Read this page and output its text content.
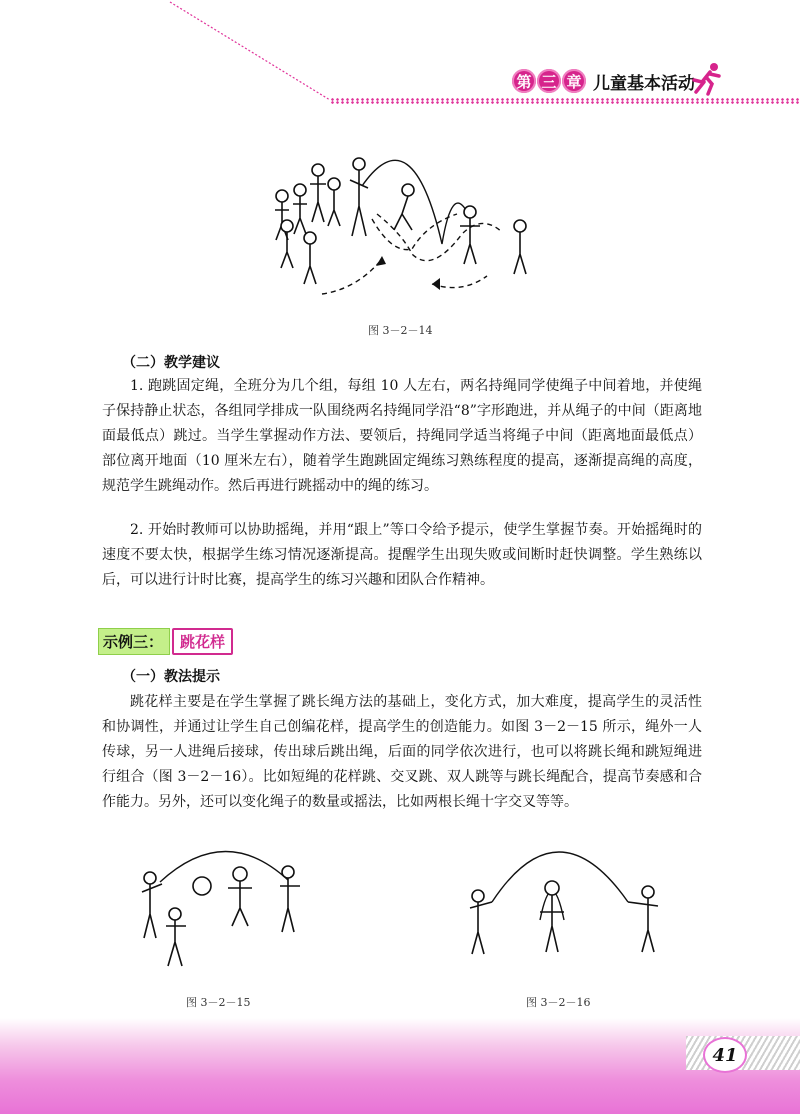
第 三 章 儿童基本活动
图 3－2－14
（二）教学建议

1. 跑跳固定绳，全班分为几个组，每组 10 人左右，两名持绳同学使绳子中间着地，并使绳子保持静止状态，各组同学排成一队围绕两名持绳同学沿“8”字形跑进，并从绳子的中间（距离地面最低点）跳过。当学生掌握动作方法、要领后，持绳同学适当将绳子中间（距离地面最低点）部位离开地面（10 厘米左右），随着学生跑跳固定绳练习熟练程度的提高，逐渐提高绳的高度，规范学生跳绳动作。然后再进行跳摇动中的绳的练习。

2. 开始时教师可以协助摇绳，并用“跟上”等口令给予提示，使学生掌握节奏。开始摇绳时的速度不要太快，根据学生练习情况逐渐提高。提醒学生出现失败或间断时赶快调整。学生熟练以后，可以进行计时比赛，提高学生的练习兴趣和团队合作精神。

示例三：	跳花样
（一）教法提示

跳花样主要是在学生掌握了跳长绳方法的基础上，变化方式，加大难度，提高学生的灵活性和协调性，并通过让学生自己创编花样，提高学生的创造能力。如图 3－2－15 所示，绳外一人传球，另一人进绳后接球，传出球后跳出绳，后面的同学依次进行，也可以将跳长绳和跳短绳进行组合（图 3－2－16）。比如短绳的花样跳、交叉跳、双人跳等与跳长绳配合，提高节奏感和合作能力。另外，还可以变化绳子的数量或摇法，比如两根长绳十字交叉等等。

图 3－2－15	图 3－2－16
41
